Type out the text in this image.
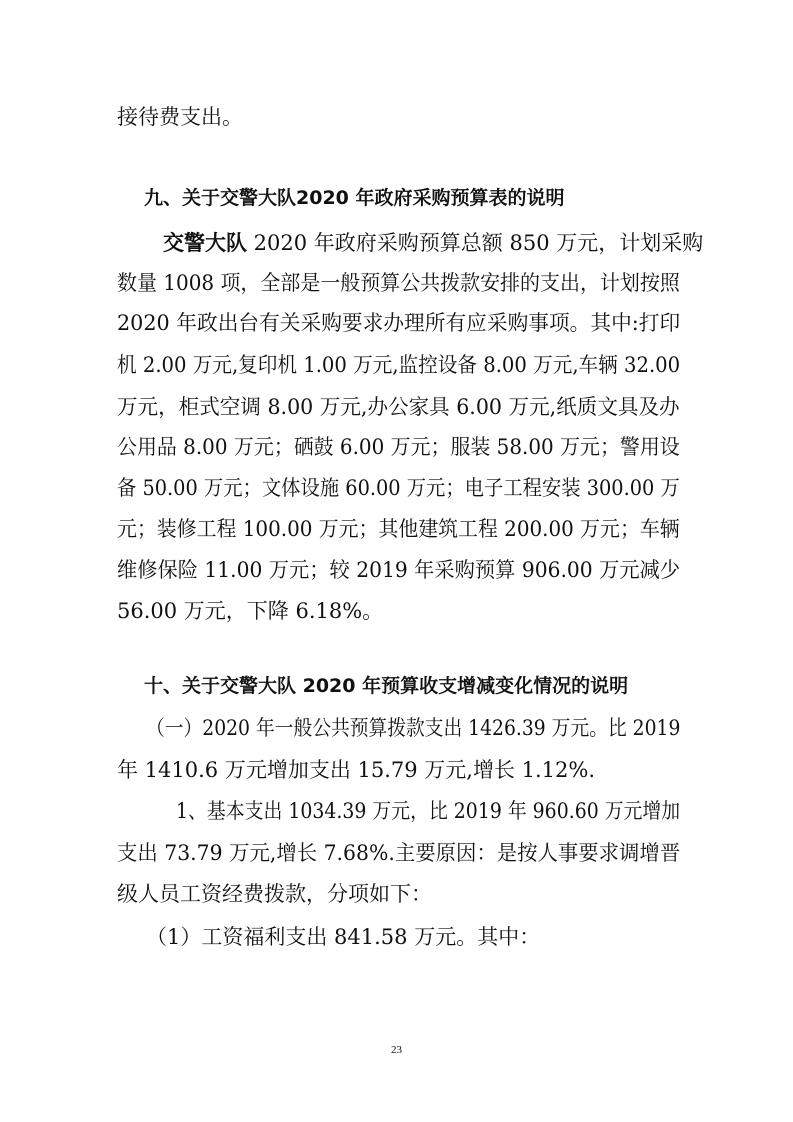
接待费支出。
九、关于交警大队2020 年政府采购预算表的说明
交警大队 2020 年政府采购预算总额 850 万元，计划采购
数量 1008 项，全部是一般预算公共拨款安排的支出，计划按照
2020 年政出台有关采购要求办理所有应采购事项。其中:打印
机 2.00 万元,复印机 1.00 万元,监控设备 8.00 万元,车辆 32.00
万元，柜式空调 8.00 万元,办公家具 6.00 万元,纸质文具及办
公用品 8.00 万元；硒鼓 6.00 万元；服装 58.00 万元；警用设
备 50.00 万元；文体设施 60.00 万元；电子工程安装 300.00 万
元；装修工程 100.00 万元；其他建筑工程 200.00 万元；车辆
维修保险 11.00 万元；较 2019 年采购预算 906.00 万元减少
56.00 万元，下降 6.18%。
十、关于交警大队 2020 年预算收支增减变化情况的说明
（一）2020 年一般公共预算拨款支出 1426.39 万元。比 2019
年 1410.6 万元增加支出 15.79 万元,增长 1.12%.
1、基本支出 1034.39 万元，比 2019 年 960.60 万元增加
支出 73.79 万元,增长 7.68%.主要原因：是按人事要求调增晋
级人员工资经费拨款，分项如下：
（1）工资福利支出 841.58 万元。其中：
23
